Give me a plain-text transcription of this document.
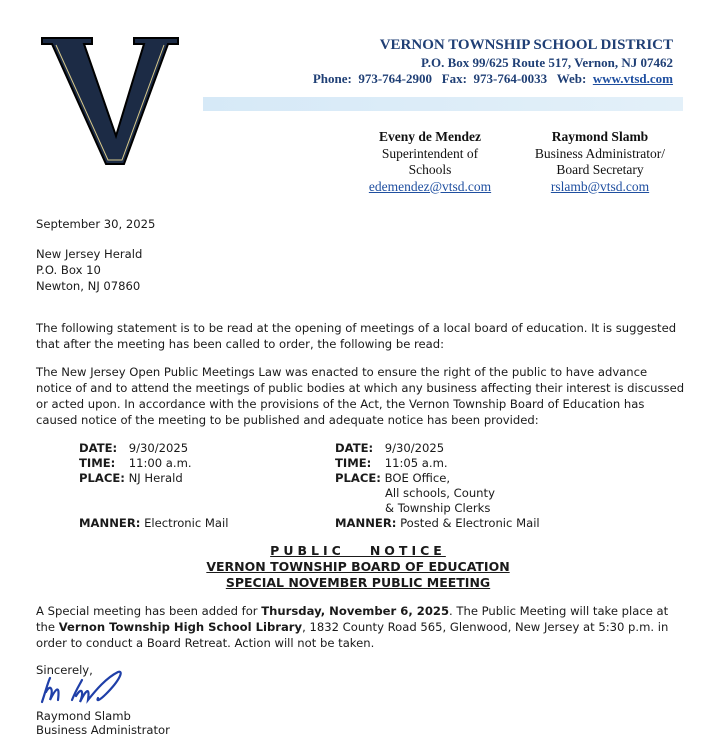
VERNON TOWNSHIP SCHOOL DISTRICT
P.O. Box 99/625 Route 517, Vernon, NJ 07462
Phone: 973-764-2900 Fax: 973-764-0033 Web: www.vtsd.com
Eveny de Mendez
Superintendent of
Schools
edemendez@vtsd.com
Raymond Slamb
Business Administrator/
Board Secretary
rslamb@vtsd.com
September 30, 2025
New Jersey Herald
P.O. Box 10
Newton, NJ 07860
The following statement is to be read at the opening of meetings of a local board of education. It is suggested that after the meeting has been called to order, the following be read:
The New Jersey Open Public Meetings Law was enacted to ensure the right of the public to have advance notice of and to attend the meetings of public bodies at which any business affecting their interest is discussed or acted upon. In accordance with the provisions of the Act, the Vernon Township Board of Education has caused notice of the meeting to be published and adequate notice has been provided:
DATE: 9/30/2025
TIME: 11:00 a.m.
PLACE: NJ Herald
MANNER: Electronic Mail
DATE: 9/30/2025
TIME: 11:05 a.m.
PLACE: BOE Office,
All schools, County
& Township Clerks
MANNER: Posted & Electronic Mail
PUBLIC   NOTICE
VERNON TOWNSHIP BOARD OF EDUCATION
SPECIAL NOVEMBER PUBLIC MEETING
A Special meeting has been added for Thursday, November 6, 2025. The Public Meeting will take place at the Vernon Township High School Library, 1832 County Road 565, Glenwood, New Jersey at 5:30 p.m. in order to conduct a Board Retreat. Action will not be taken.
Sincerely,
Raymond Slamb
Business Administrator
